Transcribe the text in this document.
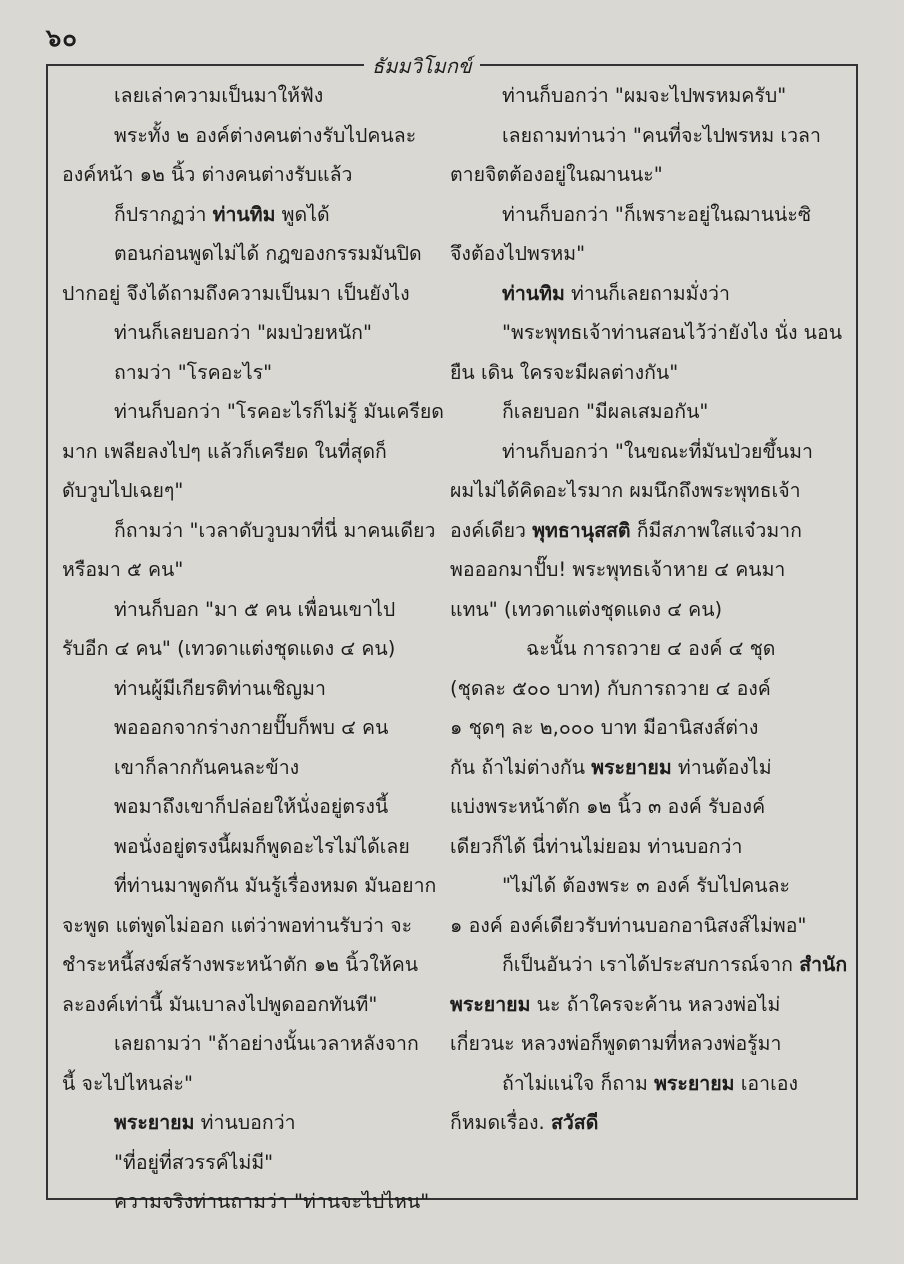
๖๐
ธัมมวิโมกข์
เลยเล่าความเป็นมาให้ฟัง
พระทั้ง ๒ องค์ต่างคนต่างรับไปคนละ
องค์หน้า ๑๒ นิ้ว ต่างคนต่างรับแล้ว
ก็ปรากฏว่า ท่านทิม พูดได้
ตอนก่อนพูดไม่ได้ กฎของกรรมมันปิด
ปากอยู่ จึงได้ถามถึงความเป็นมา เป็นยังไง
ท่านก็เลยบอกว่า "ผมป่วยหนัก"
ถามว่า "โรคอะไร"
ท่านก็บอกว่า "โรคอะไรก็ไม่รู้ มันเครียด
มาก เพลียลงไปๆ แล้วก็เครียด ในที่สุดก็
ดับวูบไปเฉยๆ"
ก็ถามว่า "เวลาดับวูบมาที่นี่ มาคนเดียว
หรือมา ๕ คน"
ท่านก็บอก "มา ๕ คน เพื่อนเขาไป
รับอีก ๔ คน" (เทวดาแต่งชุดแดง ๔ คน)
ท่านผู้มีเกียรติท่านเชิญมา
พอออกจากร่างกายปั๊บก็พบ ๔ คน
เขาก็ลากกันคนละข้าง
พอมาถึงเขาก็ปล่อยให้นั่งอยู่ตรงนี้
พอนั่งอยู่ตรงนี้ผมก็พูดอะไรไม่ได้เลย
ที่ท่านมาพูดกัน มันรู้เรื่องหมด มันอยาก
จะพูด แต่พูดไม่ออก แต่ว่าพอท่านรับว่า จะ
ชำระหนี้สงฆ์สร้างพระหน้าตัก ๑๒ นิ้วให้คน
ละองค์เท่านี้ มันเบาลงไปพูดออกทันที"
เลยถามว่า "ถ้าอย่างนั้นเวลาหลังจาก
นี้ จะไปไหนล่ะ"
พระยายม ท่านบอกว่า
"ที่อยู่ที่สวรรค์ไม่มี"
ความจริงท่านถามว่า "ท่านจะไปไหน"
ท่านก็บอกว่า "ผมจะไปพรหมครับ"
เลยถามท่านว่า "คนที่จะไปพรหม เวลา
ตายจิตต้องอยู่ในฌานนะ"
ท่านก็บอกว่า "ก็เพราะอยู่ในฌานน่ะซิ
จึงต้องไปพรหม"
ท่านทิม ท่านก็เลยถามมั่งว่า
"พระพุทธเจ้าท่านสอนไว้ว่ายังไง นั่ง นอน
ยืน เดิน ใครจะมีผลต่างกัน"
ก็เลยบอก "มีผลเสมอกัน"
ท่านก็บอกว่า "ในขณะที่มันป่วยขึ้นมา
ผมไม่ได้คิดอะไรมาก ผมนึกถึงพระพุทธเจ้า
องค์เดียว พุทธานุสสติ ก็มีสภาพใสแจ๋วมาก
พอออกมาปั๊บ! พระพุทธเจ้าหาย ๔ คนมา
แทน" (เทวดาแต่งชุดแดง ๔ คน)
ฉะนั้น การถวาย ๔ องค์ ๔ ชุด
(ชุดละ ๕๐๐ บาท) กับการถวาย ๔ องค์
๑ ชุดๆ ละ ๒,๐๐๐ บาท มีอานิสงส์ต่าง
กัน ถ้าไม่ต่างกัน พระยายม ท่านต้องไม่
แบ่งพระหน้าตัก ๑๒ นิ้ว ๓ องค์ รับองค์
เดียวก็ได้ นี่ท่านไม่ยอม ท่านบอกว่า
"ไม่ได้ ต้องพระ ๓ องค์ รับไปคนละ
๑ องค์ องค์เดียวรับท่านบอกอานิสงส์ไม่พอ"
ก็เป็นอันว่า เราได้ประสบการณ์จาก สำนัก
พระยายม นะ ถ้าใครจะค้าน หลวงพ่อไม่
เกี่ยวนะ หลวงพ่อก็พูดตามที่หลวงพ่อรู้มา
ถ้าไม่แน่ใจ ก็ถาม พระยายม เอาเอง
ก็หมดเรื่อง. สวัสดี
